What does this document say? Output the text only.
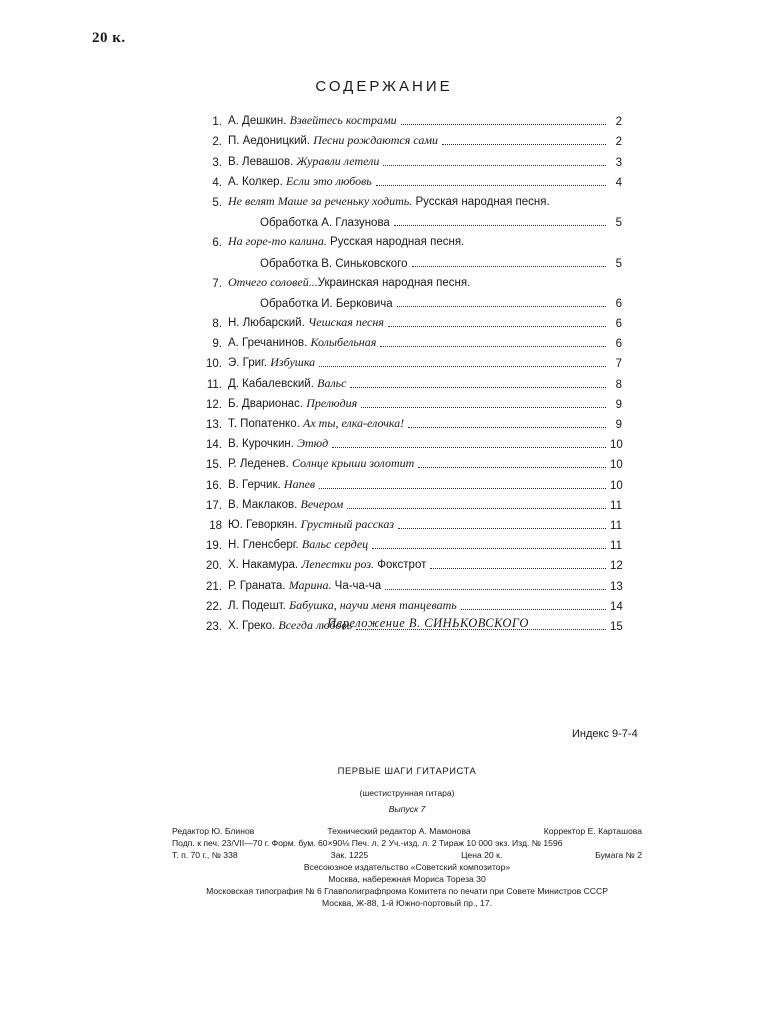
20 к.
СОДЕРЖАНИЕ
1. А. Дешкин. Взвейтесь кострами	2
2. П. Аедоницкий. Песни рождаются сами	2
3. В. Левашов. Журавли летели	3
4. А. Колкер. Если это любовь	4
5. Не велят Маше за реченьку ходить. Русская народная песня.
Обработка А. Глазунова	5
6. На горе-то калина. Русская народная песня.
Обработка В. Синьковского	5
7. Отчего соловей...Украинская народная песня.
Обработка И. Берковича	6
8. Н. Любарский. Чешская песня	6
9. А. Гречанинов. Колыбельная	6
10. Э. Григ. Избушка	7
11. Д. Кабалевский. Вальс	8
12. Б. Дварионас. Прелюдия	9
13. Т. Попатенко. Ах ты, елка-елочка!	9
14. В. Курочкин. Этюд	10
15. Р. Леденев. Солнце крыши золотит	10
16. В. Герчик. Напев	10
17. В. Маклаков. Вечером	11
18 Ю. Геворкян. Грустный рассказ	11
19. Н. Гленсберг. Вальс сердец	11
20. Х. Накамура. Лепестки роз. Фокстрот	12
21. Р. Граната. Марина. Ча-ча-ча	13
22. Л. Подешт. Бабушка, научи меня танцевать	14
23. Х. Греко. Всегда любовь	15
Переложение В. СИНЬКОВСКОГО
Индекс 9-7-4
ПЕРВЫЕ ШАГИ ГИТАРИСТА
(шестиструнная гитара)
Выпуск 7
Редактор Ю. Блинов	Технический редактор А. Мамонова	Корректор Е. Карташова
Подп. к печ. 23/VII—70 г. Форм. бум. 60×90⅛ Печ. л. 2 Уч.-изд. л. 2 Тираж 10 000 экз. Изд. № 1596
Т. п. 70 г., № 338	Зак. 1225	Цена 20 к.	Бумага № 2
Всесоюзное издательство «Советский композитор»
Москва, набережная Мориса Тореза 30
Московская типография № 6 Главполиграфпрома Комитета по печати при Совете Министров СССР
Москва, Ж-88, 1-й Южно-портовый пр., 17.
